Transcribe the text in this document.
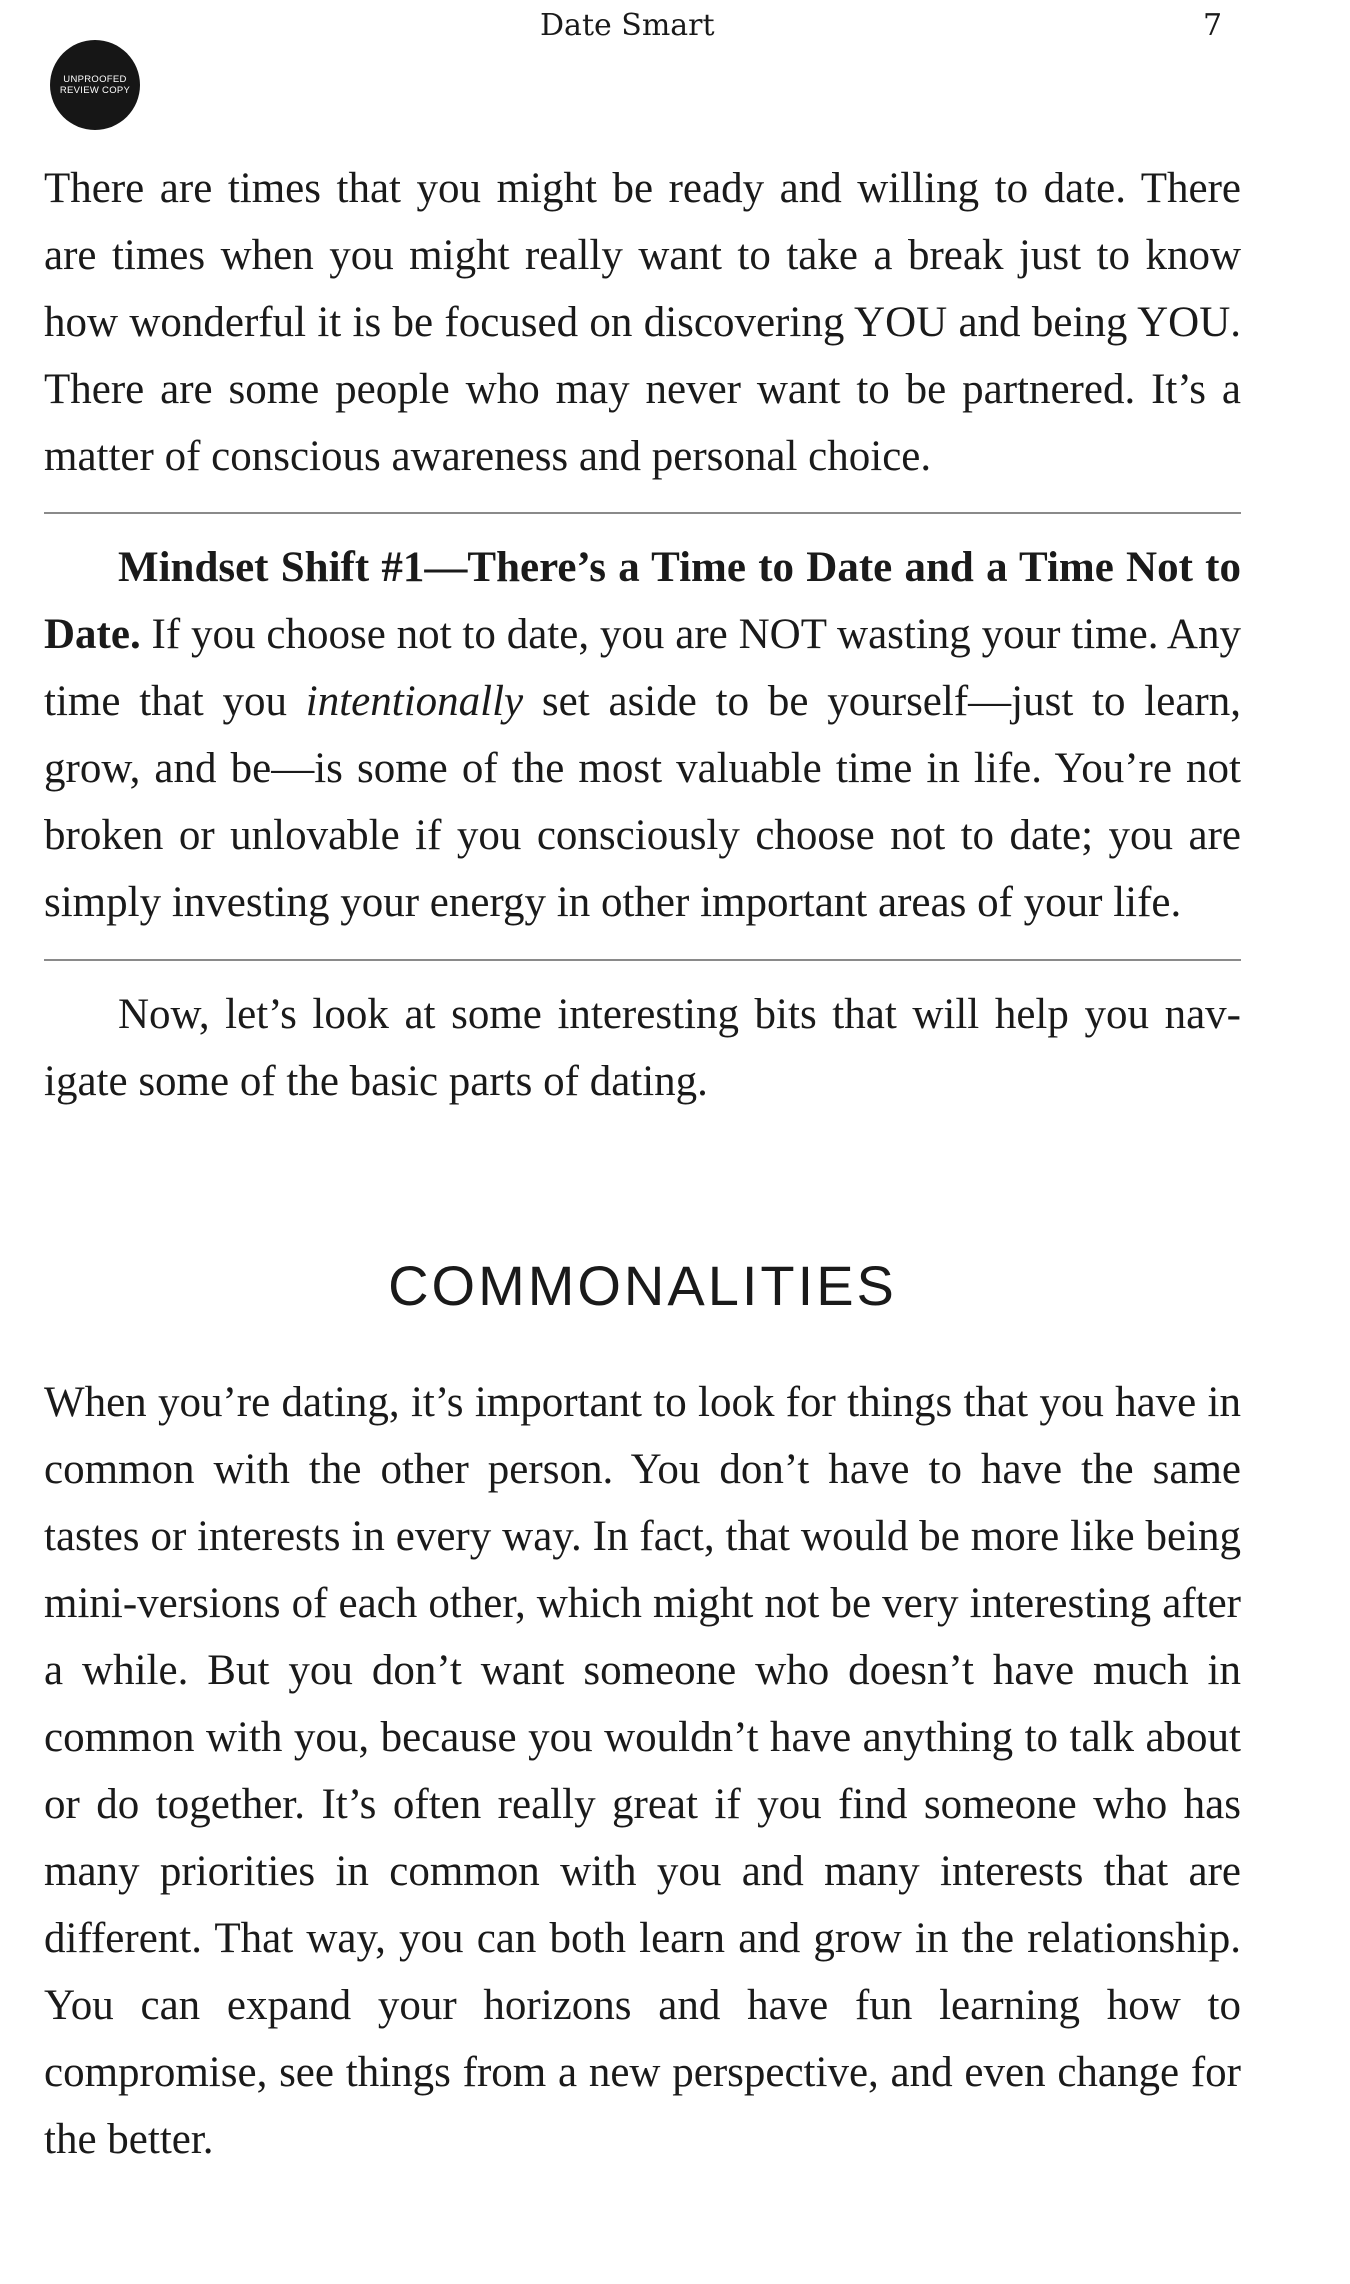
Date Smart	7
UNPROOFED
REVIEW COPY

There are times that you might be ready and willing to date. There are times when you might really want to take a break just to know how wonderful it is be focused on discovering YOU and being YOU. There are some people who may never want to be partnered. It’s a matter of conscious awareness and personal choice.

Mindset Shift #1—There’s a Time to Date and a Time Not to Date. If you choose not to date, you are NOT wasting your time. Any time that you intentionally set aside to be yourself—just to learn, grow, and be—is some of the most valuable time in life. You’re not broken or unlovable if you consciously choose not to date; you are simply investing your energy in other important areas of your life.

Now, let’s look at some interesting bits that will help you navigate some of the basic parts of dating.

COMMONALITIES

When you’re dating, it’s important to look for things that you have in common with the other person. You don’t have to have the same tastes or interests in every way. In fact, that would be more like being mini-versions of each other, which might not be very interesting after a while. But you don’t want someone who doesn’t have much in common with you, because you wouldn’t have anything to talk about or do together. It’s often really great if you find someone who has many priorities in common with you and many interests that are different. That way, you can both learn and grow in the relationship. You can expand your horizons and have fun learning how to compromise, see things from a new perspective, and even change for the better.
